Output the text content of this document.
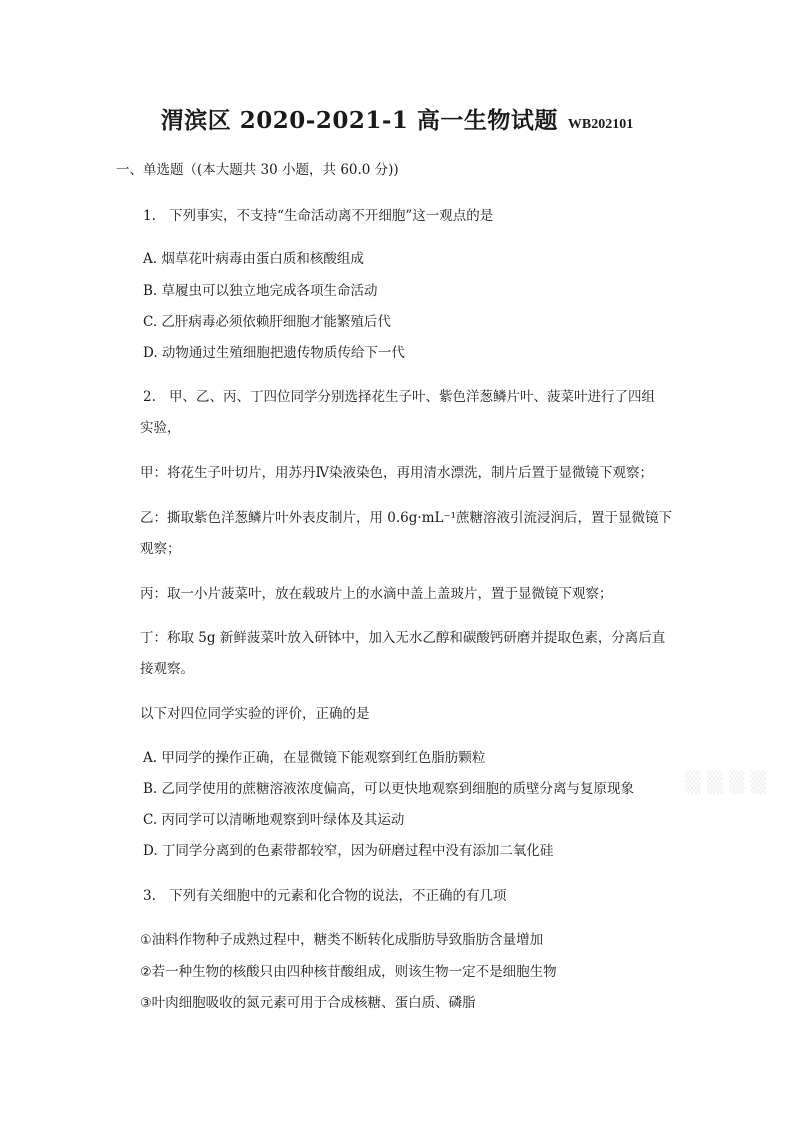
渭滨区 2020-2021-1 高一生物试题 WB202101
一、单选题（(本大题共 30 小题，共 60.0 分))
1. 下列事实，不支持“生命活动离不开细胞”这一观点的是
A. 烟草花叶病毒由蛋白质和核酸组成
B. 草履虫可以独立地完成各项生命活动
C. 乙肝病毒必须依赖肝细胞才能繁殖后代
D. 动物通过生殖细胞把遗传物质传给下一代
2. 甲、乙、丙、丁四位同学分别选择花生子叶、紫色洋葱鳞片叶、菠菜叶进行了四组
实验，
甲：将花生子叶切片，用苏丹Ⅳ染液染色，再用清水漂洗，制片后置于显微镜下观察；
乙：撕取紫色洋葱鳞片叶外表皮制片，用 0.6g·mL⁻¹蔗糖溶液引流浸润后，置于显微镜下
观察；
丙：取一小片菠菜叶，放在载玻片上的水滴中盖上盖玻片，置于显微镜下观察；
丁：称取 5g 新鲜菠菜叶放入研钵中，加入无水乙醇和碳酸钙研磨并提取色素，分离后直
接观察。
以下对四位同学实验的评价，正确的是
A. 甲同学的操作正确，在显微镜下能观察到红色脂肪颗粒
B. 乙同学使用的蔗糖溶液浓度偏高，可以更快地观察到细胞的质壁分离与复原现象
C. 丙同学可以清晰地观察到叶绿体及其运动
D. 丁同学分离到的色素带都较窄，因为研磨过程中没有添加二氧化硅
3. 下列有关细胞中的元素和化合物的说法，不正确的有几项
①油料作物种子成熟过程中，糖类不断转化成脂肪导致脂肪含量增加
②若一种生物的核酸只由四种核苷酸组成，则该生物一定不是细胞生物
③叶肉细胞吸收的氮元素可用于合成核糖、蛋白质、磷脂
▒ ▒ ▒ ▒
